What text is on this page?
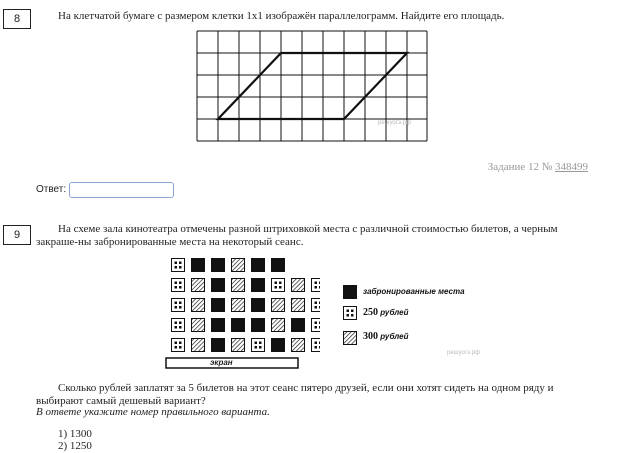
8	На клетчатой бумаге с размером клетки 1x1 изображён параллелограмм. Найдите его площадь.
решуогэ.рф
Задание 12 № 348499
Ответ:
9	На схеме зала кинотеатра отмечены разной штриховкой места с различной стоимостью билетов, а черным закраше-ны забронированные места на некоторый сеанс.
экран
забронированные места
250 рублей
300 рублей
решуогэ.рф
Сколько рублей заплатят за 5 билетов на этот сеанс пятеро друзей, если они хотят сидеть на одном ряду и выбирают самый дешевый вариант?
В ответе укажите номер правильного варианта.
1) 1300
2) 1250
